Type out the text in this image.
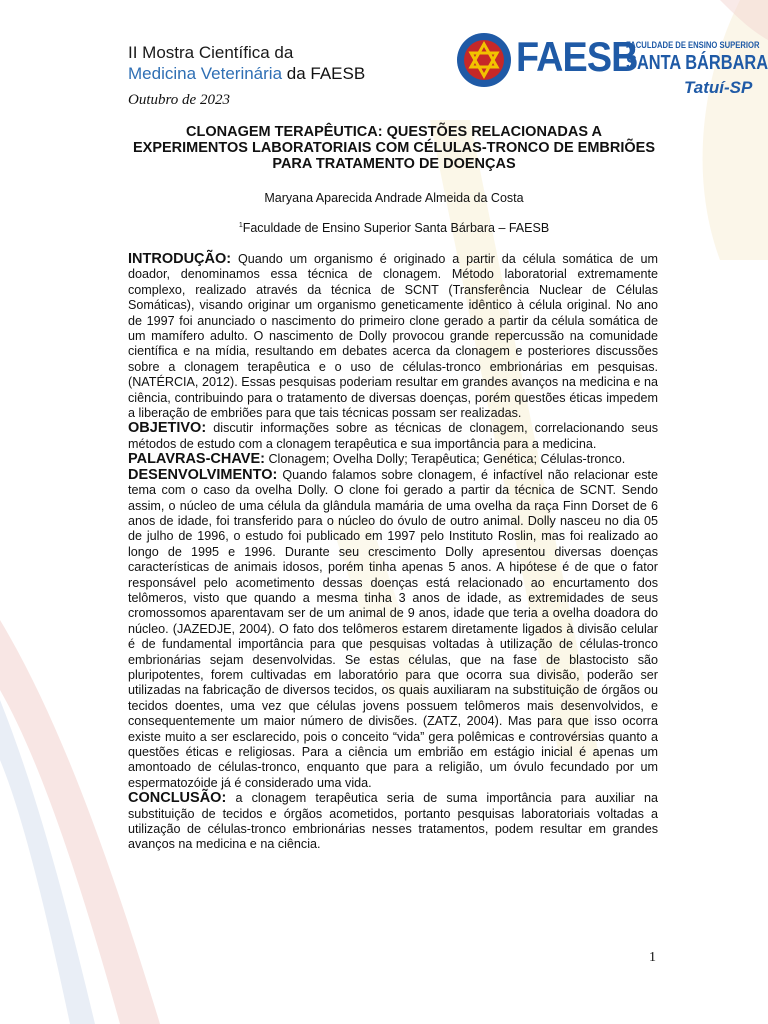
II Mostra Científica da
Medicina Veterinária da FAESB
Outubro de 2023
FAESB
FACULDADE DE ENSINO SUPERIOR
SANTA BÁRBARA
Tatuí-SP
CLONAGEM TERAPÊUTICA: QUESTÕES RELACIONADAS A EXPERIMENTOS LABORATORIAIS COM CÉLULAS-TRONCO DE EMBRIÕES PARA TRATAMENTO DE DOENÇAS
Maryana Aparecida Andrade Almeida da Costa
$^1$Faculdade de Ensino Superior Santa Bárbara – FAESB

INTRODUÇÃO: Quando um organismo é originado a partir da célula somática de um doador, denominamos essa técnica de clonagem. Método laboratorial extremamente complexo, realizado através da técnica de SCNT (Transferência Nuclear de Células Somáticas), visando originar um organismo geneticamente idêntico à célula original. No ano de 1997 foi anunciado o nascimento do primeiro clone gerado a partir da célula somática de um mamífero adulto. O nascimento de Dolly provocou grande repercussão na comunidade científica e na mídia, resultando em debates acerca da clonagem e posteriores discussões sobre a clonagem terapêutica e o uso de células-tronco embrionárias em pesquisas. (NATÉRCIA, 2012). Essas pesquisas poderiam resultar em grandes avanços na medicina e na ciência, contribuindo para o tratamento de diversas doenças, porém questões éticas impedem a liberação de embriões para que tais técnicas possam ser realizadas.

OBJETIVO: discutir informações sobre as técnicas de clonagem, correlacionando seus métodos de estudo com a clonagem terapêutica e sua importância para a medicina.

PALAVRAS-CHAVE: Clonagem; Ovelha Dolly; Terapêutica; Genética; Células-tronco.

DESENVOLVIMENTO: Quando falamos sobre clonagem, é infactível não relacionar este tema com o caso da ovelha Dolly. O clone foi gerado a partir da técnica de SCNT. Sendo assim, o núcleo de uma célula da glândula mamária de uma ovelha da raça Finn Dorset de 6 anos de idade, foi transferido para o núcleo do óvulo de outro animal. Dolly nasceu no dia 05 de julho de 1996, o estudo foi publicado em 1997 pelo Instituto Roslin, mas foi realizado ao longo de 1995 e 1996. Durante seu crescimento Dolly apresentou diversas doenças características de animais idosos, porém tinha apenas 5 anos. A hipótese é de que o fator responsável pelo acometimento dessas doenças está relacionado ao encurtamento dos telômeros, visto que quando a mesma tinha 3 anos de idade, as extremidades de seus cromossomos aparentavam ser de um animal de 9 anos, idade que teria a ovelha doadora do núcleo. (JAZEDJE, 2004). O fato dos telômeros estarem diretamente ligados à divisão celular é de fundamental importância para que pesquisas voltadas à utilização de células-tronco embrionárias sejam desenvolvidas. Se estas células, que na fase de blastocisto são pluripotentes, forem cultivadas em laboratório para que ocorra sua divisão, poderão ser utilizadas na fabricação de diversos tecidos, os quais auxiliaram na substituição de órgãos ou tecidos doentes, uma vez que células jovens possuem telômeros mais desenvolvidos, e consequentemente um maior número de divisões. (ZATZ, 2004). Mas para que isso ocorra existe muito a ser esclarecido, pois o conceito “vida” gera polêmicas e controvérsias quanto a questões éticas e religiosas. Para a ciência um embrião em estágio inicial é apenas um amontoado de células-tronco, enquanto que para a religião, um óvulo fecundado por um espermatozóide já é considerado uma vida.

CONCLUSÃO: a clonagem terapêutica seria de suma importância para auxiliar na substituição de tecidos e órgãos acometidos, portanto pesquisas laboratoriais voltadas a utilização de células-tronco embrionárias nesses tratamentos, podem resultar em grandes avanços na medicina e na ciência.

1
